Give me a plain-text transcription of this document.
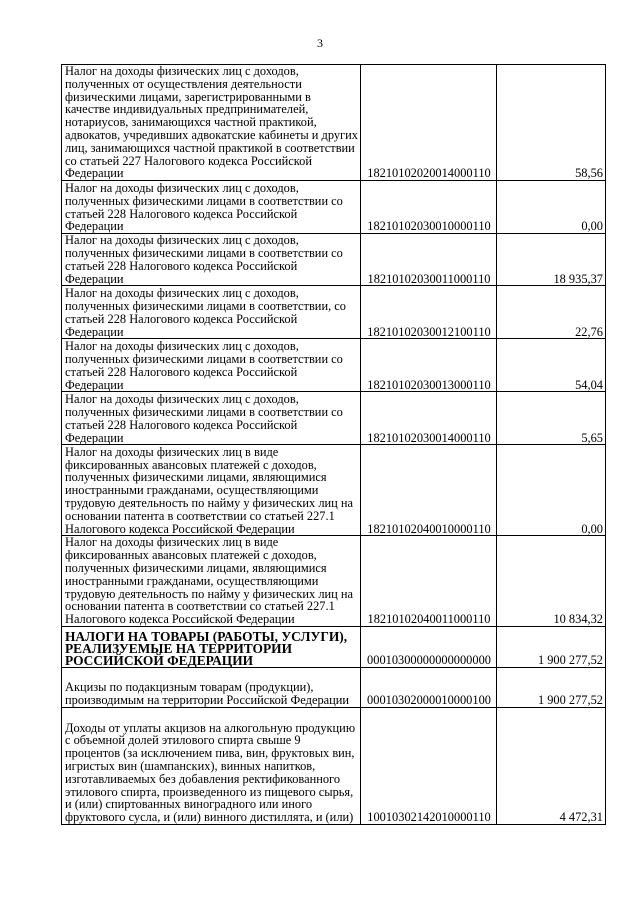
3
Налог на доходы физических лиц с доходов, полученных от осуществления деятельности физическими лицами, зарегистрированными в качестве индивидуальных предпринимателей, нотариусов, занимающихся частной практикой, адвокатов, учредивших адвокатские кабинеты и других лиц, занимающихся частной практикой в соответствии со статьей 227 Налогового кодекса Российской Федерации	18210102020014000110	58,56
Налог на доходы физических лиц с доходов, полученных физическими лицами в соответствии со статьей 228 Налогового кодекса Российской Федерации	18210102030010000110	0,00
Налог на доходы физических лиц с доходов, полученных физическими лицами в соответствии со статьей 228 Налогового кодекса Российской Федерации	18210102030011000110	18 935,37
Налог на доходы физических лиц с доходов, полученных физическими лицами в соответствии, со статьей 228 Налогового кодекса Российской Федерации	18210102030012100110	22,76
Налог на доходы физических лиц с доходов, полученных физическими лицами в соответствии со статьей 228 Налогового кодекса Российской Федерации	18210102030013000110	54,04
Налог на доходы физических лиц с доходов, полученных физическими лицами в соответствии со статьей 228 Налогового кодекса Российской Федерации	18210102030014000110	5,65
Налог на доходы физических лиц в виде фиксированных авансовых платежей с доходов, полученных физическими лицами, являющимися иностранными гражданами, осуществляющими трудовую деятельность по найму у физических лиц на основании патента в соответствии со статьей 227.1 Налогового кодекса Российской Федерации	18210102040010000110	0,00
Налог на доходы физических лиц в виде фиксированных авансовых платежей с доходов, полученных физическими лицами, являющимися иностранными гражданами, осуществляющими трудовую деятельность по найму у физических лиц на основании патента в соответствии со статьей 227.1 Налогового кодекса Российской Федерации	18210102040011000110	10 834,32
НАЛОГИ НА ТОВАРЫ (РАБОТЫ, УСЛУГИ), РЕАЛИЗУЕМЫЕ НА ТЕРРИТОРИИ РОССИЙСКОЙ ФЕДЕРАЦИИ	00010300000000000000	1 900 277,52
Акцизы по подакцизным товарам (продукции), производимым на территории Российской Федерации	00010302000010000100	1 900 277,52
Доходы от уплаты акцизов на алкогольную продукцию с объемной долей этилового спирта свыше 9 процентов (за исключением пива, вин, фруктовых вин, игристых вин (шампанских), винных напитков, изготавливаемых без добавления ректификованного этилового спирта, произведенного из пищевого сырья, и (или) спиртованных виноградного или иного фруктового сусла, и (или) винного дистиллята, и (или)	10010302142010000110	4 472,31
